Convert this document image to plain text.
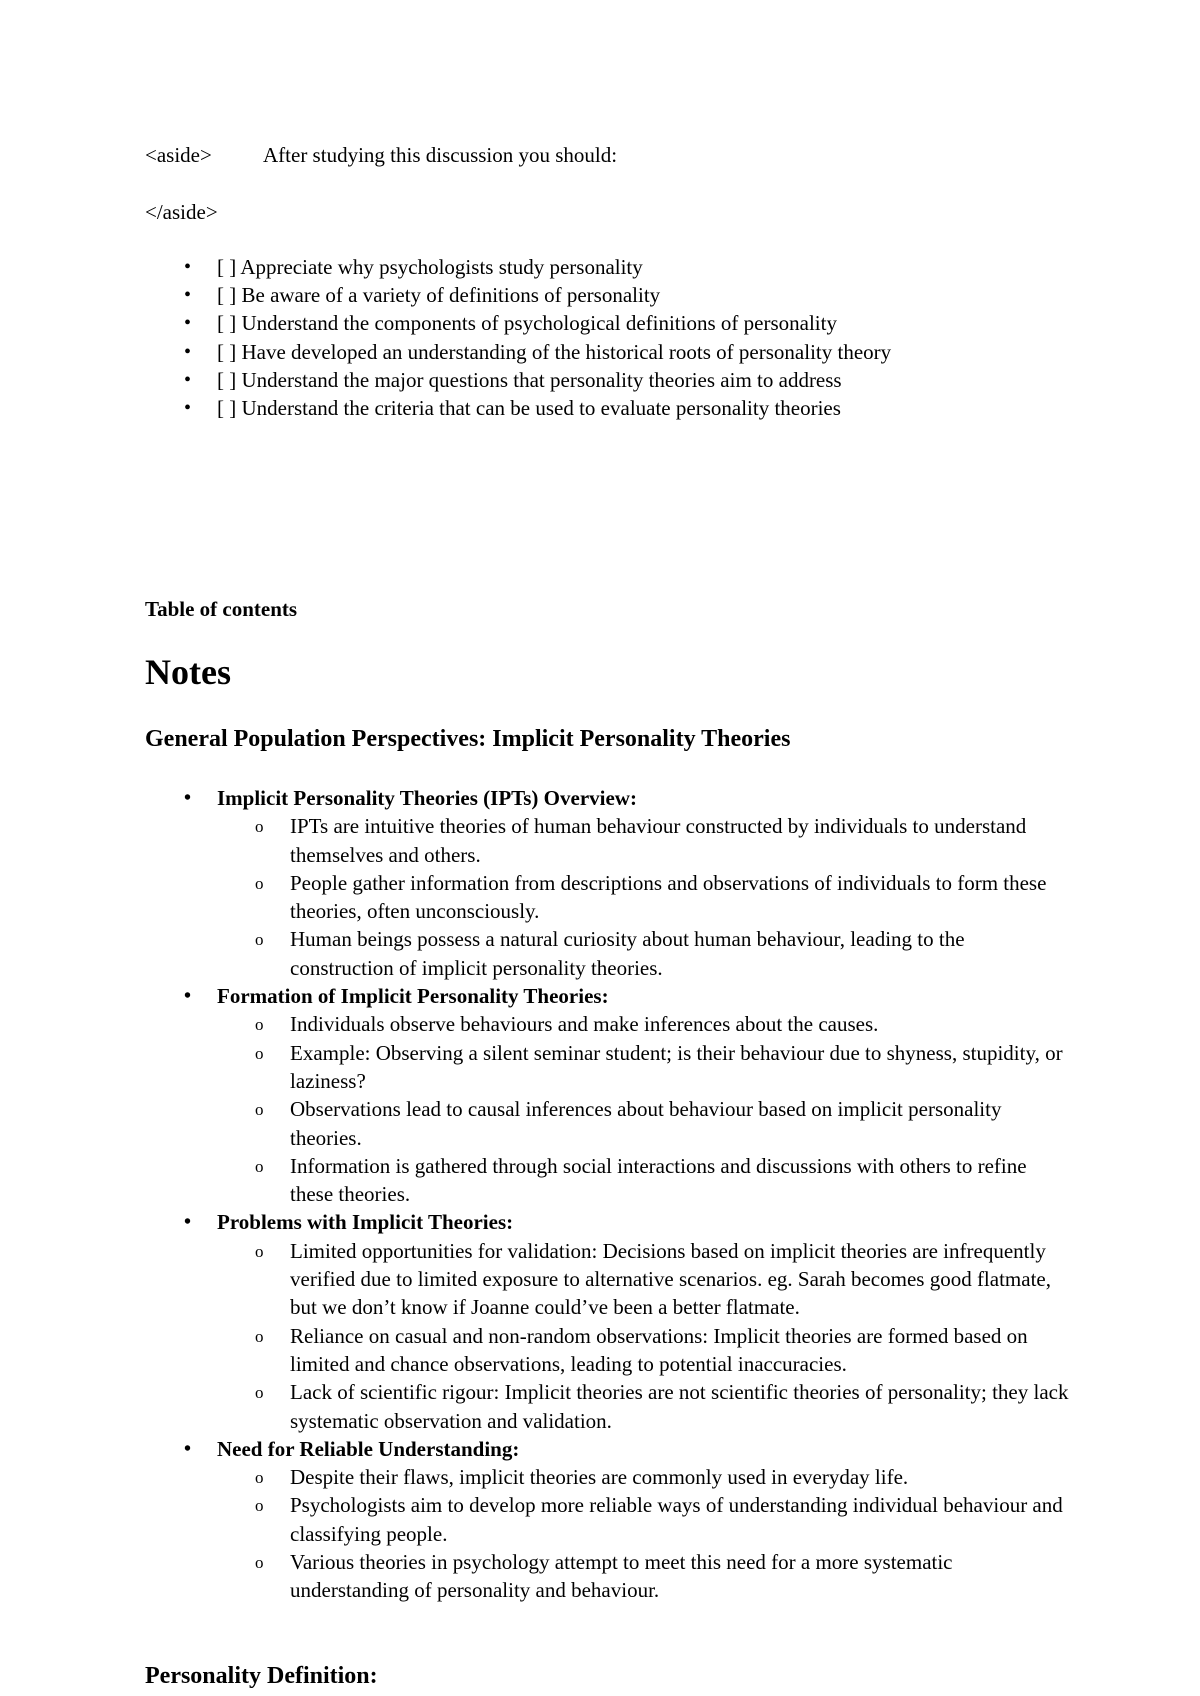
<aside> After studying this discussion you should:
</aside>
• [ ] Appreciate why psychologists study personality
• [ ] Be aware of a variety of definitions of personality
• [ ] Understand the components of psychological definitions of personality
• [ ] Have developed an understanding of the historical roots of personality theory
• [ ] Understand the major questions that personality theories aim to address
• [ ] Understand the criteria that can be used to evaluate personality theories
Table of contents
Notes
General Population Perspectives: Implicit Personality Theories
• Implicit Personality Theories (IPTs) Overview:
o IPTs are intuitive theories of human behaviour constructed by individuals to understand themselves and others.
o People gather information from descriptions and observations of individuals to form these theories, often unconsciously.
o Human beings possess a natural curiosity about human behaviour, leading to the construction of implicit personality theories.
• Formation of Implicit Personality Theories:
o Individuals observe behaviours and make inferences about the causes.
o Example: Observing a silent seminar student; is their behaviour due to shyness, stupidity, or laziness?
o Observations lead to causal inferences about behaviour based on implicit personality theories.
o Information is gathered through social interactions and discussions with others to refine these theories.
• Problems with Implicit Theories:
o Limited opportunities for validation: Decisions based on implicit theories are infrequently verified due to limited exposure to alternative scenarios. eg. Sarah becomes good flatmate, but we don’t know if Joanne could’ve been a better flatmate.
o Reliance on casual and non-random observations: Implicit theories are formed based on limited and chance observations, leading to potential inaccuracies.
o Lack of scientific rigour: Implicit theories are not scientific theories of personality; they lack systematic observation and validation.
• Need for Reliable Understanding:
o Despite their flaws, implicit theories are commonly used in everyday life.
o Psychologists aim to develop more reliable ways of understanding individual behaviour and classifying people.
o Various theories in psychology attempt to meet this need for a more systematic understanding of personality and behaviour.
Personality Definition:
